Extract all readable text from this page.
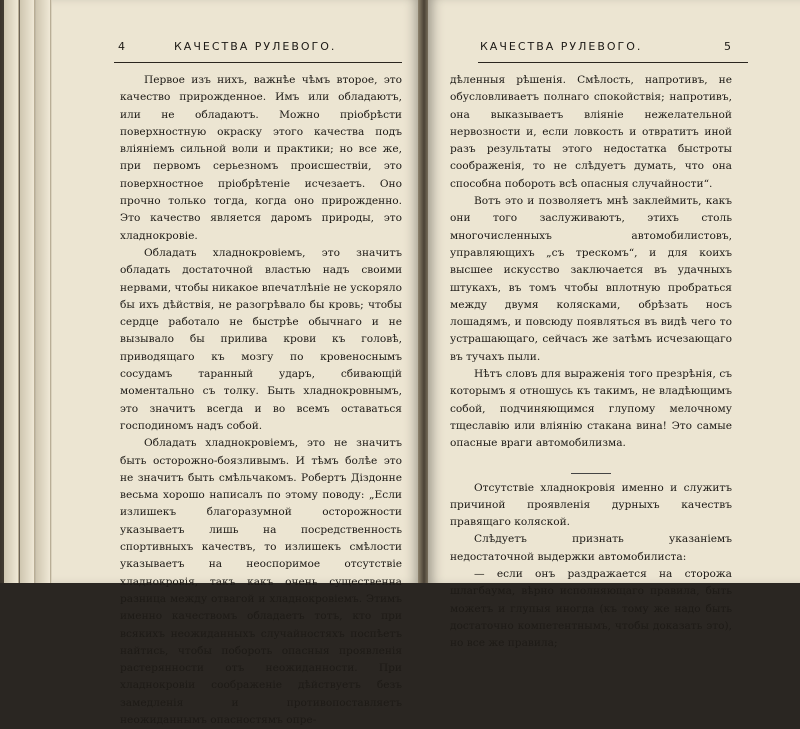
4	КАЧЕСТВА РУЛЕВОГО.

Первое изъ нихъ, важнѣе чѣмъ второе, это качество прирожденное. Имъ или обладаютъ, или не обладаютъ. Можно пріобрѣсти поверхностную окраску этого качества подъ вліяніемъ сильной воли и практики; но все же, при первомъ серьезномъ происшествіи, это поверхностное пріобрѣтеніе исчезаетъ. Оно прочно только тогда, когда оно прирожденно. Это качество является даромъ природы, это хладнокровіе.

Обладать хладнокровіемъ, это значитъ обладать достаточной властью надъ своими нервами, чтобы никакое впечатлѣніе не ускоряло бы ихъ дѣйствія, не разогрѣвало бы кровь; чтобы сердце работало не быстрѣе обычнаго и не вызывало бы прилива крови къ головѣ, приводящаго къ мозгу по кровеноснымъ сосудамъ таранный ударъ, сбивающій моментально съ толку. Быть хладнокровнымъ, это значитъ всегда и во всемъ оставаться господиномъ надъ собой.

Обладать хладнокровіемъ, это не значитъ быть осторожно-боязливымъ. И тѣмъ болѣе это не значитъ быть смѣльчакомъ. Робертъ Діздонне весьма хорошо написалъ по этому поводу: „Если излишекъ благоразумной осторожности указываетъ лишь на посредственность спортивныхъ качествъ, то излишекъ смѣлости указываетъ на неоспоримое отсутствіе хладнокровія, такъ какъ очень существенна разница между отвагой и хладнокровіемъ. Этимъ именно качествомъ обладаетъ тотъ, кто при всякихъ неожиданныхъ случайностяхъ поспѣетъ найтись, чтобы побороть опасныя проявленія растерянности отъ неожиданности. При хладнокровіи соображеніе дѣйствуетъ безъ замедленія и противопоставляетъ неожиданнымъ опасностямъ опре-

КАЧЕСТВА РУЛЕВОГО.	5

дѣленныя рѣшенія. Смѣлость, напротивъ, не обусловливаетъ полнаго спокойствія; напротивъ, она выказываетъ вліяніе нежелательной нервозности и, если ловкость и отвратитъ иной разъ результаты этого недостатка быстроты соображенія, то не слѣдуетъ думать, что она способна побороть всѣ опасныя случайности“.

Вотъ это и позволяетъ мнѣ заклеймить, какъ они того заслуживаютъ, этихъ столь многочисленныхъ автомобилистовъ, управляющихъ „съ трескомъ“, и для коихъ высшее искусство заключается въ удачныхъ штукахъ, въ томъ чтобы вплотную пробраться между двумя колясками, обрѣзать носъ лошадямъ, и повсюду появляться въ видѣ чего то устрашающаго, сейчасъ же затѣмъ исчезающаго въ тучахъ пыли.

Нѣтъ словъ для выраженія того презрѣнія, съ которымъ я отношусь къ такимъ, не владѣющимъ собой, подчиняющимся глупому мелочному тщеславію или вліянію стакана вина! Это самые опасные враги автомобилизма.

Отсутствіе хладнокровія именно и служитъ причиной проявленія дурныхъ качествъ правящаго коляской.

Слѣдуетъ признать указаніемъ недостаточной выдержки автомобилиста:

— если онъ раздражается на сторожа шлагбаума, вѣрно исполняющаго правила, быть можетъ и глупыя иногда (къ тому же надо быть достаточно компетентнымъ, чтобы доказать это), но все же правила;
